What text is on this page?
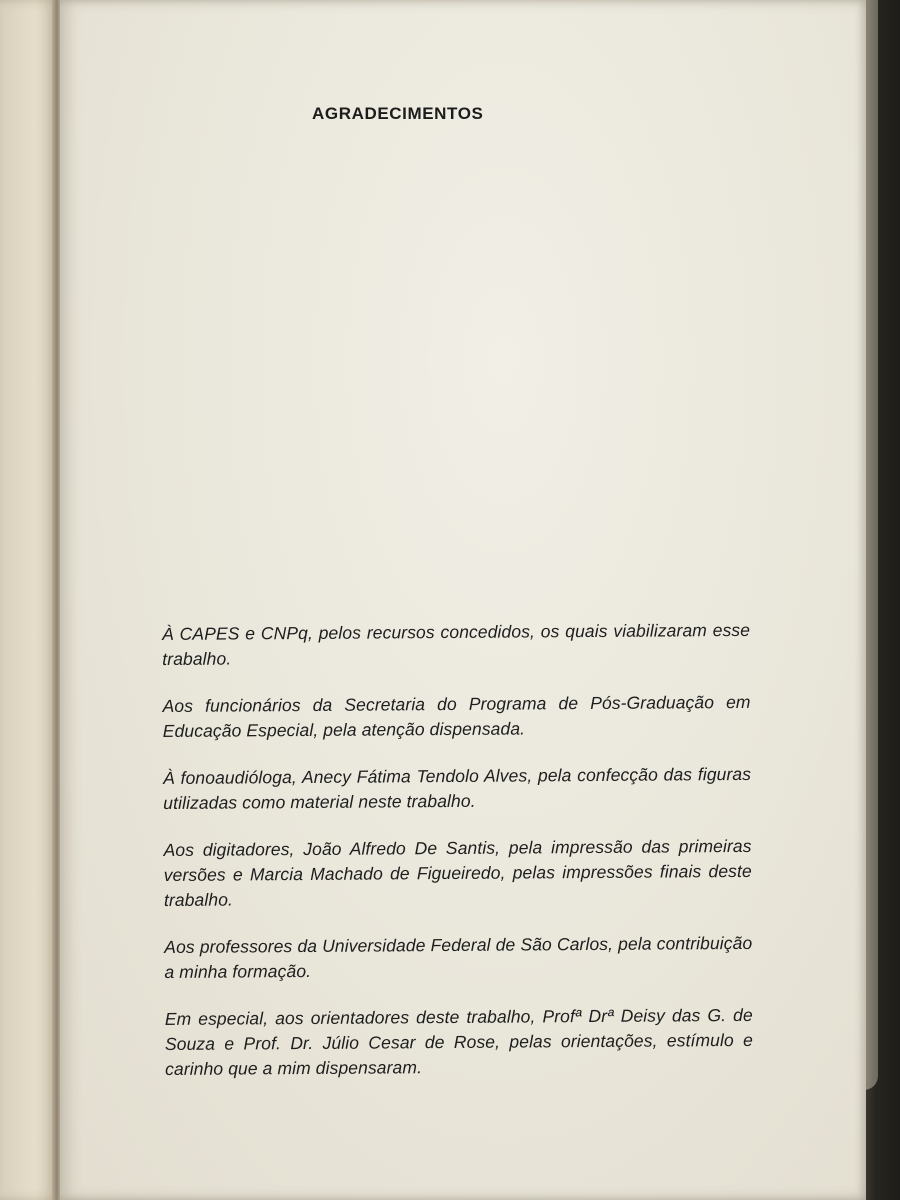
AGRADECIMENTOS

À CAPES e CNPq, pelos recursos concedidos, os quais viabilizaram esse trabalho.

Aos funcionários da Secretaria do Programa de Pós-Graduação em Educação Especial, pela atenção dispensada.

À fonoaudióloga, Anecy Fátima Tendolo Alves, pela confecção das figuras utilizadas como material neste trabalho.

Aos digitadores, João Alfredo De Santis, pela impressão das primeiras versões e Marcia Machado de Figueiredo, pelas impressões finais deste trabalho.

Aos professores da Universidade Federal de São Carlos, pela contribuição a minha formação.

Em especial, aos orientadores deste trabalho, Profª Drª Deisy das G. de Souza e Prof. Dr. Júlio Cesar de Rose, pelas orientações, estímulo e carinho que a mim dispensaram.
